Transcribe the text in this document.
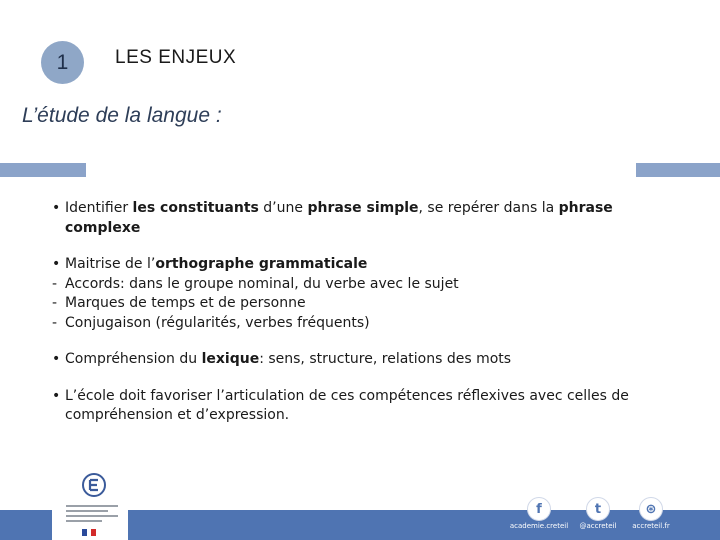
1 LES ENJEUX
L’étude de la langue :
• Identifier les constituants d’une phrase simple, se repérer dans la phrase complexe
• Maitrise de l’orthographe grammaticale
- Accords: dans le groupe nominal, du verbe avec le sujet
- Marques de temps et de personne
- Conjugaison (régularités, verbes fréquents)
• Compréhension du lexique: sens, structure, relations des mots
• L’école doit favoriser l’articulation de ces compétences réflexives avec celles de compréhension et d’expression.
f
academie.creteil
t
@accreteil
⊛
accreteil.fr
